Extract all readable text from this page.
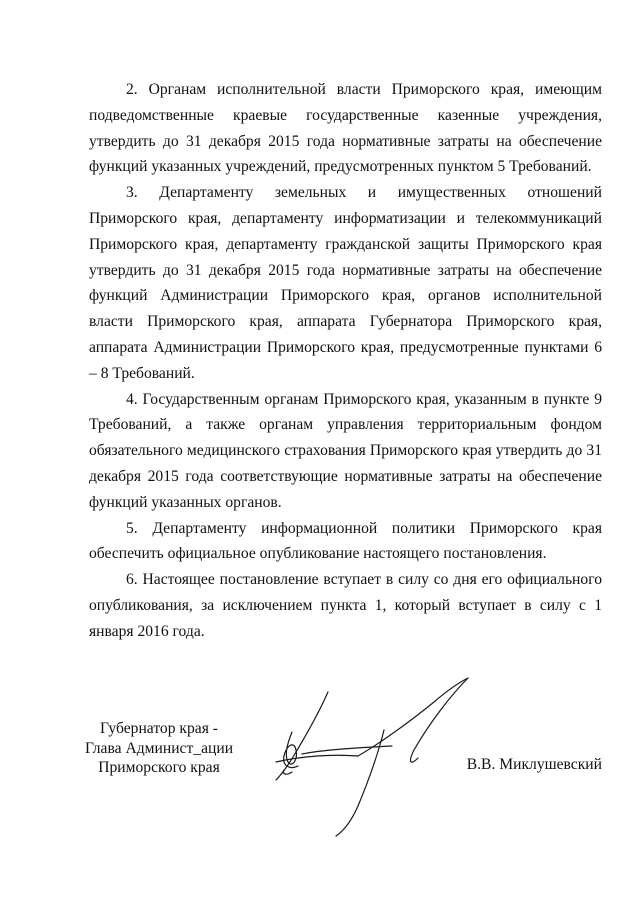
2. Органам исполнительной власти Приморского края, имеющим подведомственные краевые государственные казенные учреждения, утвердить до 31 декабря 2015 года нормативные затраты на обеспечение функций указанных учреждений, предусмотренных пунктом 5 Требований.

3. Департаменту земельных и имущественных отношений Приморского края, департаменту информатизации и телекоммуникаций Приморского края, департаменту гражданской защиты Приморского края утвердить до 31 декабря 2015 года нормативные затраты на обеспечение функций Администрации Приморского края, органов исполнительной власти Приморского края, аппарата Губернатора Приморского края, аппарата Администрации Приморского края, предусмотренные пунктами 6 – 8 Требований.

4. Государственным органам Приморского края, указанным в пункте 9 Требований, а также органам управления территориальным фондом обязательного медицинского страхования Приморского края утвердить до 31 декабря 2015 года соответствующие нормативные затраты на обеспечение функций указанных органов.

5. Департаменту информационной политики Приморского края обеспечить официальное опубликование настоящего постановления.

6. Настоящее постановление вступает в силу со дня его официального опубликования, за исключением пункта 1, который вступает в силу с 1 января 2016 года.

Губернатор края -
Глава Админист_ации
Приморского края	В.В. Миклушевский
